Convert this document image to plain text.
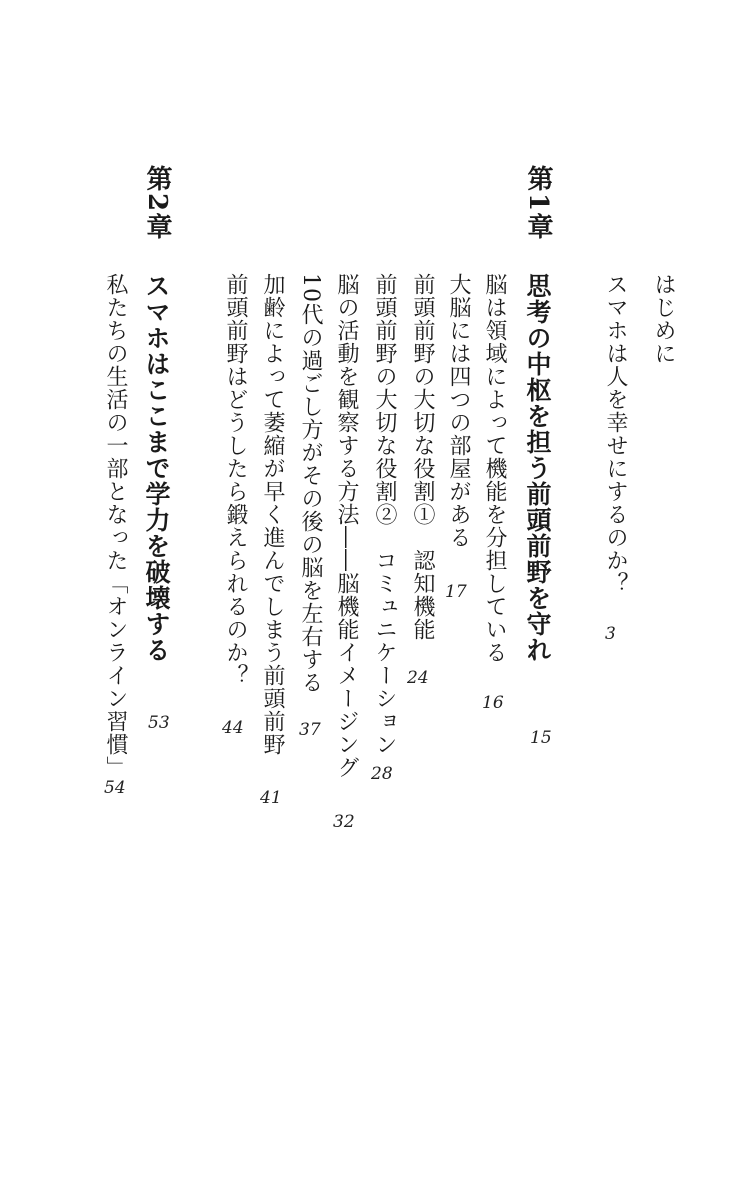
はじめに
スマホは人を幸せにするのか？
3
第1章
思考の中枢を担う前頭前野を守れ
15
脳は領域によって機能を分担している
16
大脳には四つの部屋がある
17
前頭前野の大切な役割①　認知機能
24
前頭前野の大切な役割②　コミュニケーション
28
脳の活動を観察する方法――脳機能イメージング
32
10代の過ごし方がその後の脳を左右する
37
加齢によって萎縮が早く進んでしまう前頭前野
41
前頭前野はどうしたら鍛えられるのか？
44
第2章
スマホはここまで学力を破壊する
53
私たちの生活の一部となった「オンライン習慣」
54
